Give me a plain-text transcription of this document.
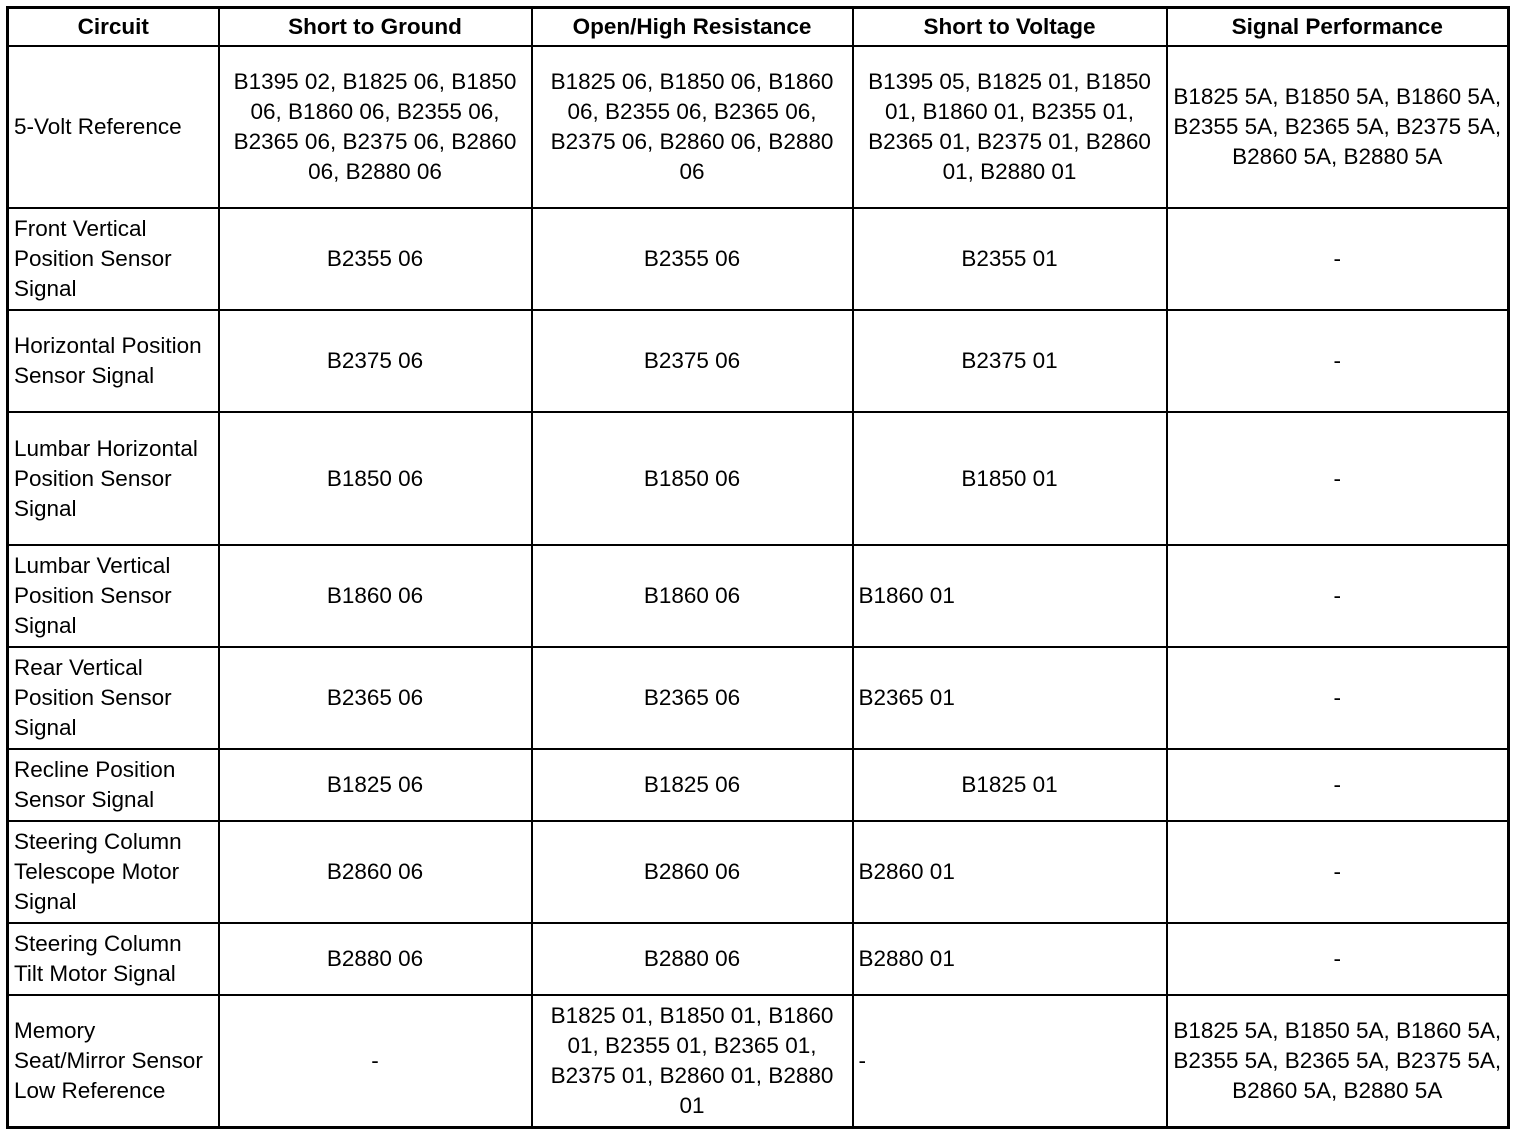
Circuit	Short to Ground	Open/High Resistance	Short to Voltage	Signal Performance
5-Volt Reference	B1395 02, B1825 06, B1850 06, B1860 06, B2355 06, B2365 06, B2375 06, B2860 06, B2880 06	B1825 06, B1850 06, B1860 06, B2355 06, B2365 06, B2375 06, B2860 06, B2880 06	B1395 05, B1825 01, B1850 01, B1860 01, B2355 01, B2365 01, B2375 01, B2860 01, B2880 01	B1825 5A, B1850 5A, B1860 5A, B2355 5A, B2365 5A, B2375 5A, B2860 5A, B2880 5A
Front Vertical Position Sensor Signal	B2355 06	B2355 06	B2355 01	-
Horizontal Position Sensor Signal	B2375 06	B2375 06	B2375 01	-
Lumbar Horizontal Position Sensor Signal	B1850 06	B1850 06	B1850 01	-
Lumbar Vertical Position Sensor Signal	B1860 06	B1860 06	B1860 01	-
Rear Vertical Position Sensor Signal	B2365 06	B2365 06	B2365 01	-
Recline Position Sensor Signal	B1825 06	B1825 06	B1825 01	-
Steering Column Telescope Motor Signal	B2860 06	B2860 06	B2860 01	-
Steering Column Tilt Motor Signal	B2880 06	B2880 06	B2880 01	-
Memory Seat/Mirror Sensor Low Reference	-	B1825 01, B1850 01, B1860 01, B2355 01, B2365 01, B2375 01, B2860 01, B2880 01	-	B1825 5A, B1850 5A, B1860 5A, B2355 5A, B2365 5A, B2375 5A, B2860 5A, B2880 5A
